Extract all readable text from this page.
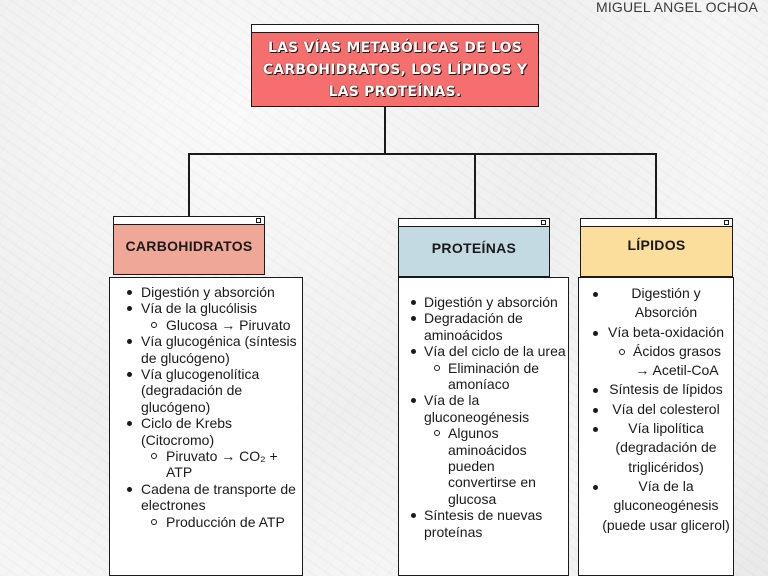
MIGUEL ANGEL OCHOA
LAS VÍAS METABÓLICAS DE LOS CARBOHIDRATOS, LOS LÍPIDOS Y LAS PROTEÍNAS.
CARBOHIDRATOS	PROTEÍNAS	LÍPIDOS
Digestión y absorción
Vía de la glucólisis
Glucosa → Piruvato
Vía glucogénica (síntesis de glucógeno)
Vía glucogenolítica (degradación de glucógeno)
Ciclo de Krebs (Citocromo)
Piruvato → CO₂ + ATP
Cadena de transporte de electrones
Producción de ATP
Digestión y absorción
Degradación de aminoácidos
Vía del ciclo de la urea
Eliminación de amoníaco
Vía de la gluconeogénesis
Algunos aminoácidos pueden convertirse en glucosa
Síntesis de nuevas proteínas
Digestión y Absorción
Vía beta-oxidación
Ácidos grasos
→ Acetil-CoA
Síntesis de lípidos
Vía del colesterol
Vía lipolítica (degradación de triglicéridos)
Vía de la gluconeogénesis (puede usar glicerol)
